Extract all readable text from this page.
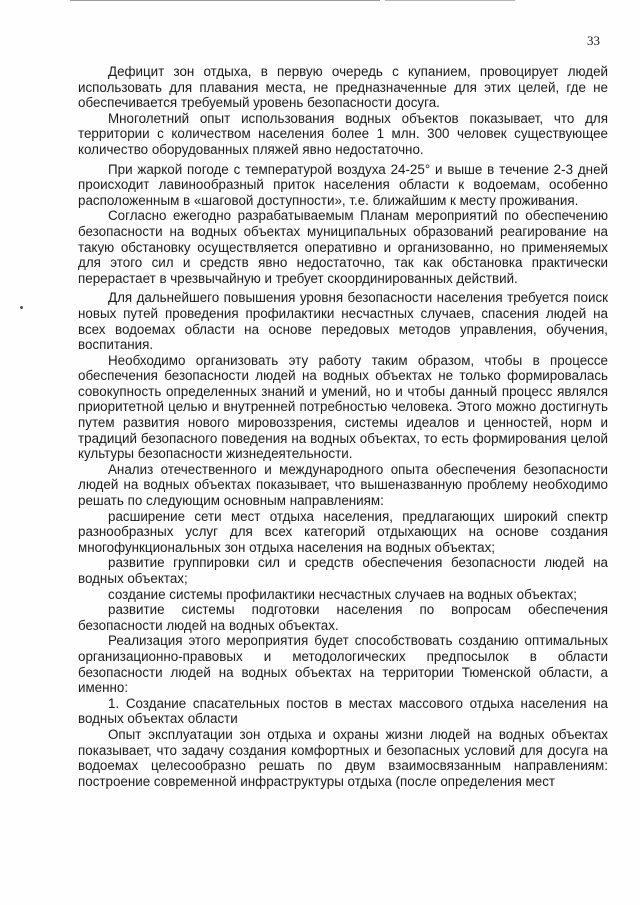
33

Дефицит зон отдыха, в первую очередь с купанием, провоцирует людей использовать для плавания места, не предназначенные для этих целей, где не обеспечивается требуемый уровень безопасности досуга.

Многолетний опыт использования водных объектов показывает, что для территории с количеством населения более 1 млн. 300 человек существующее количество оборудованных пляжей явно недостаточно.

При жаркой погоде с температурой воздуха 24-25° и выше в течение 2-3 дней происходит лавинообразный приток населения области к водоемам, особенно расположенным в «шаговой доступности», т.е. ближайшим к месту проживания.

Согласно ежегодно разрабатываемым Планам мероприятий по обеспечению безопасности на водных объектах муниципальных образований реагирование на такую обстановку осуществляется оперативно и организованно, но применяемых для этого сил и средств явно недостаточно, так как обстановка практически перерастает в чрезвычайную и требует скоординированных действий.

Для дальнейшего повышения уровня безопасности населения требуется поиск новых путей проведения профилактики несчастных случаев, спасения людей на всех водоемах области на основе передовых методов управления, обучения, воспитания.

Необходимо организовать эту работу таким образом, чтобы в процессе обеспечения безопасности людей на водных объектах не только формировалась совокупность определенных знаний и умений, но и чтобы данный процесс являлся приоритетной целью и внутренней потребностью человека. Этого можно достигнуть путем развития нового мировоззрения, системы идеалов и ценностей, норм и традиций безопасного поведения на водных объектах, то есть формирования целой культуры безопасности жизнедеятельности.

Анализ отечественного и международного опыта обеспечения безопасности людей на водных объектах показывает, что вышеназванную проблему необходимо решать по следующим основным направлениям:

расширение сети мест отдыха населения, предлагающих широкий спектр разнообразных услуг для всех категорий отдыхающих на основе создания многофункциональных зон отдыха населения на водных объектах;

развитие группировки сил и средств обеспечения безопасности людей на водных объектах;

создание системы профилактики несчастных случаев на водных объектах;

развитие системы подготовки населения по вопросам обеспечения безопасности людей на водных объектах.

Реализация этого мероприятия будет способствовать созданию оптимальных организационно-правовых и методологических предпосылок в области безопасности людей на водных объектах на территории Тюменской области, а именно:

1. Создание спасательных постов в местах массового отдыха населения на водных объектах области

Опыт эксплуатации зон отдыха и охраны жизни людей на водных объектах показывает, что задачу создания комфортных и безопасных условий для досуга на водоемах целесообразно решать по двум взаимосвязанным направлениям: построение современной инфраструктуры отдыха (после определения мест
